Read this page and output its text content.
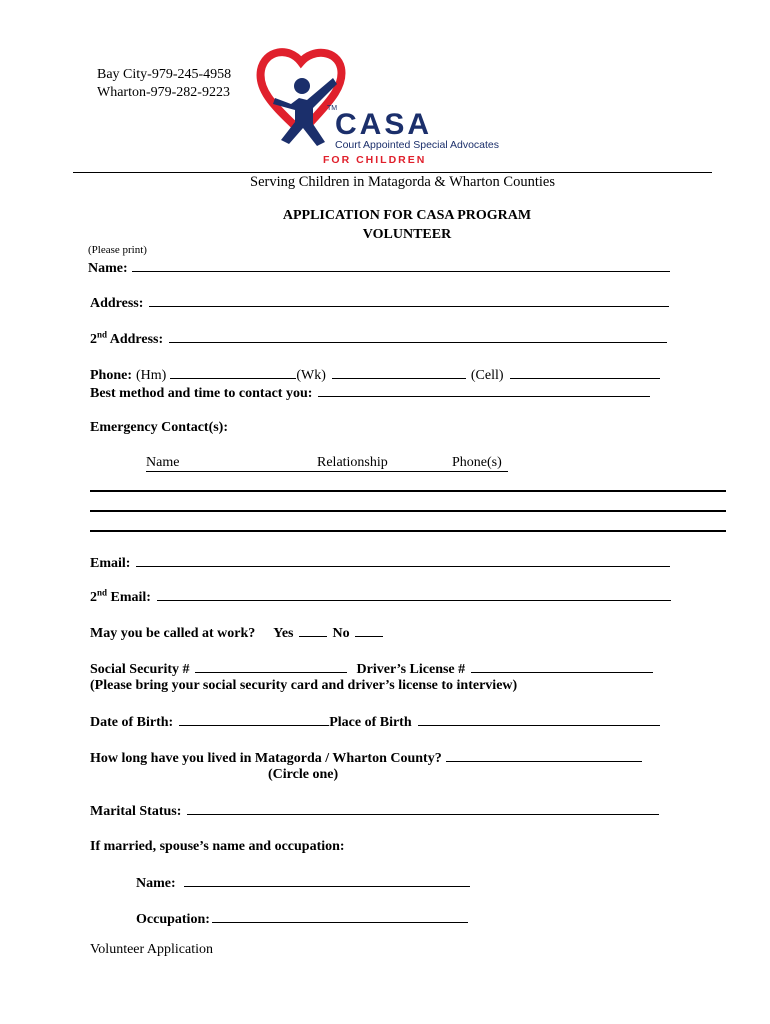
Bay City-979-245-4958
Wharton-979-282-9223
TM
CASA
Court Appointed Special Advocates
FOR CHILDREN
Serving Children in Matagorda & Wharton Counties
APPLICATION FOR CASA PROGRAM
VOLUNTEER
(Please print)
Name:
Address:
2nd Address:
Phone: (Hm)	(Wk)	(Cell)
Best method and time to contact you:
Emergency Contact(s):
Name	Relationship	Phone(s)
Email:
2nd Email:
May you be called at work? Yes	No
Social Security #	Driver’s License #
(Please bring your social security card and driver’s license to interview)
Date of Birth:	Place of Birth
How long have you lived in Matagorda / Wharton County?
(Circle one)
Marital Status:
If married, spouse’s name and occupation:
Name:
Occupation:
Volunteer Application
